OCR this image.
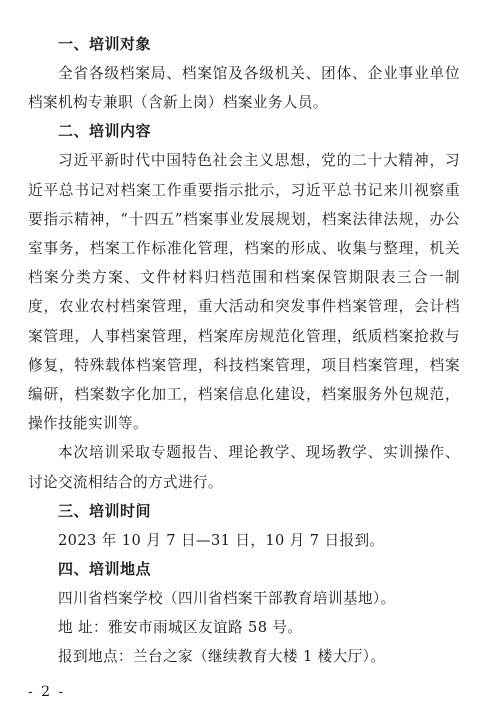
一、培训对象

全省各级档案局、档案馆及各级机关、团体、企业事业单位档案机构专兼职（含新上岗）档案业务人员。

二、培训内容

习近平新时代中国特色社会主义思想，党的二十大精神，习近平总书记对档案工作重要指示批示，习近平总书记来川视察重要指示精神，“十四五”档案事业发展规划，档案法律法规，办公室事务，档案工作标准化管理，档案的形成、收集与整理，机关档案分类方案、文件材料归档范围和档案保管期限表三合一制度，农业农村档案管理，重大活动和突发事件档案管理，会计档案管理，人事档案管理，档案库房规范化管理，纸质档案抢救与修复，特殊载体档案管理，科技档案管理，项目档案管理，档案编研，档案数字化加工，档案信息化建设，档案服务外包规范，操作技能实训等。

本次培训采取专题报告、理论教学、现场教学、实训操作、讨论交流相结合的方式进行。

三、培训时间

2023 年 10 月 7 日—31 日，10 月 7 日报到。

四、培训地点

四川省档案学校（四川省档案干部教育培训基地）。

地 址：雅安市雨城区友谊路 58 号。

报到地点：兰台之家（继续教育大楼 1 楼大厅）。

- 2 -
